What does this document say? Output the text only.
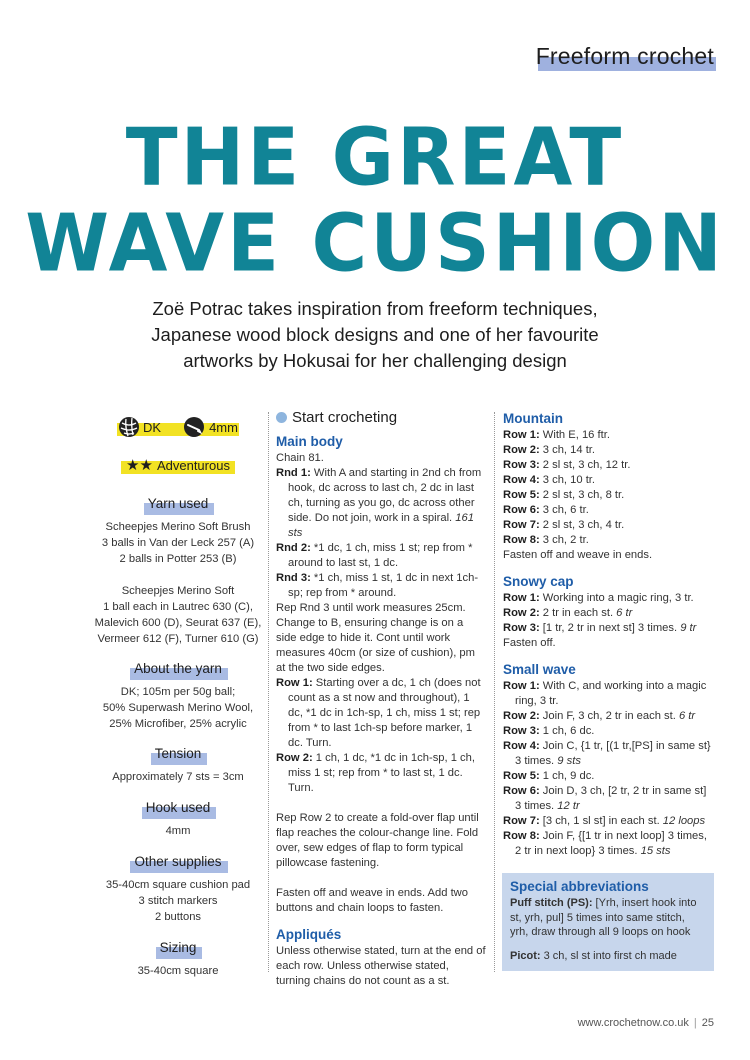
Freeform crochet
THE GREAT
WAVE CUSHION
Zoë Potrac takes inspiration from freeform techniques,
Japanese wood block designs and one of her favourite
artworks by Hokusai for her challenging design
DK	4mm
★★ Adventurous
Yarn used
Scheepjes Merino Soft Brush
3 balls in Van der Leck 257 (A)
2 balls in Potter 253 (B)
Scheepjes Merino Soft
1 ball each in Lautrec 630 (C),
Malevich 600 (D), Seurat 637 (E),
Vermeer 612 (F), Turner 610 (G)
About the yarn
DK; 105m per 50g ball;
50% Superwash Merino Wool,
25% Microfiber, 25% acrylic
Tension
Approximately 7 sts = 3cm
Hook used
4mm
Other supplies
35-40cm square cushion pad
3 stitch markers
2 buttons
Sizing
35-40cm square
Start crocheting
Main body

Chain 81.

Rnd 1: With A and starting in 2nd ch from hook, dc across to last ch, 2 dc in last ch, turning as you go, dc across other side. Do not join, work in a spiral. 161 sts

Rnd 2: *1 dc, 1 ch, miss 1 st; rep from * around to last st, 1 dc.

Rnd 3: *1 ch, miss 1 st, 1 dc in next 1ch-sp; rep from * around.

Rep Rnd 3 until work measures 25cm. Change to B, ensuring change is on a side edge to hide it. Cont until work measures 40cm (or size of cushion), pm at the two side edges.

Row 1: Starting over a dc, 1 ch (does not count as a st now and throughout), 1 dc, *1 dc in 1ch-sp, 1 ch, miss 1 st; rep from * to last 1ch-sp before marker, 1 dc. Turn.

Row 2: 1 ch, 1 dc, *1 dc in 1ch-sp, 1 ch, miss 1 st; rep from * to last st, 1 dc. Turn.

Rep Row 2 to create a fold-over flap until flap reaches the colour-change line. Fold over, sew edges of flap to form typical pillowcase fastening.

Fasten off and weave in ends. Add two buttons and chain loops to fasten.

Appliqués

Unless otherwise stated, turn at the end of each row. Unless otherwise stated, turning chains do not count as a st.

Mountain

Row 1: With E, 16 ftr.

Row 2: 3 ch, 14 tr.

Row 3: 2 sl st, 3 ch, 12 tr.

Row 4: 3 ch, 10 tr.

Row 5: 2 sl st, 3 ch, 8 tr.

Row 6: 3 ch, 6 tr.

Row 7: 2 sl st, 3 ch, 4 tr.

Row 8: 3 ch, 2 tr.

Fasten off and weave in ends.

Snowy cap

Row 1: Working into a magic ring, 3 tr.

Row 2: 2 tr in each st. 6 tr

Row 3: [1 tr, 2 tr in next st] 3 times. 9 tr

Fasten off.

Small wave

Row 1: With C, and working into a magic ring, 3 tr.

Row 2: Join F, 3 ch, 2 tr in each st. 6 tr

Row 3: 1 ch, 6 dc.

Row 4: Join C, {1 tr, [(1 tr,[PS] in same st} 3 times. 9 sts

Row 5: 1 ch, 9 dc.

Row 6: Join D, 3 ch, [2 tr, 2 tr in same st] 3 times. 12 tr

Row 7: [3 ch, 1 sl st] in each st. 12 loops

Row 8: Join F, {[1 tr in next loop] 3 times, 2 tr in next loop} 3 times. 15 sts

Special abbreviations

Puff stitch (PS): [Yrh, insert hook into st, yrh, pul] 5 times into same stitch, yrh, draw through all 9 loops on hook

Picot: 3 ch, sl st into first ch made

www.crochetnow.co.uk | 25
